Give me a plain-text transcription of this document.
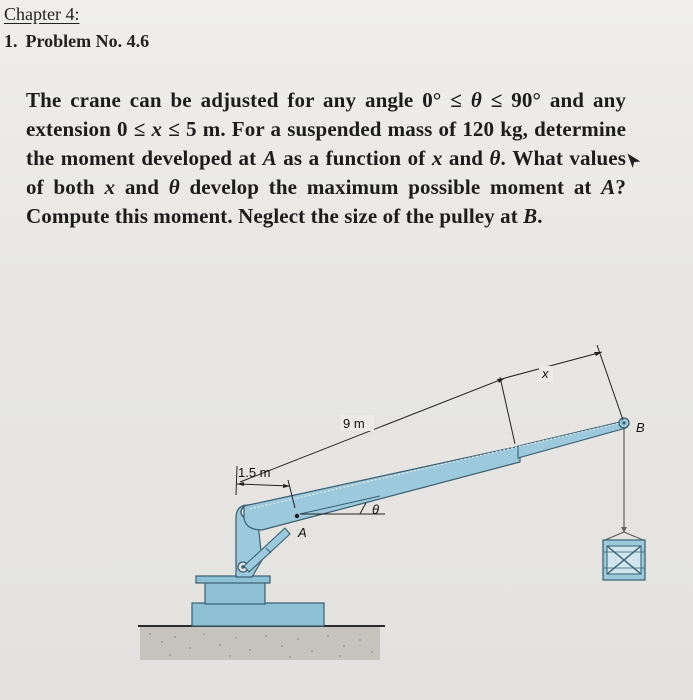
Chapter 4:
1. Problem No. 4.6
The crane can be adjusted for any angle 0° ≤ θ ≤ 90° and any extension 0 ≤ x ≤ 5 m. For a suspended mass of 120 kg, determine the moment developed at A as a function of x and θ. What values of both x and θ develop the maximum possible moment at A? Compute this moment. Neglect the size of the pulley at B.
9 m
x
1.5 m
θ
A
B
